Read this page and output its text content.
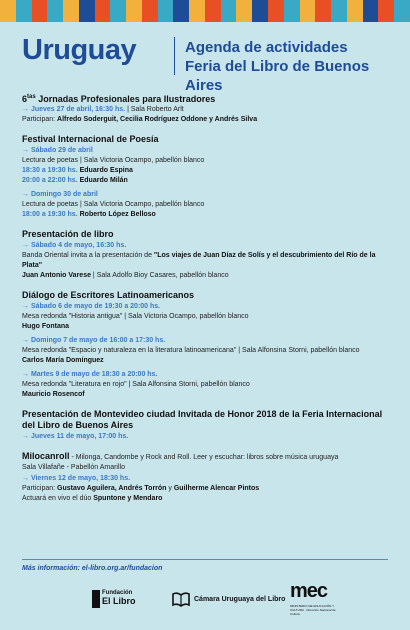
Uruguay	Agenda de actividades
Feria del Libro de Buenos Aires
$6^{tas}$ Jornadas Profesionales para Ilustradores
→ Jueves 27 de abril, 16:30 hs. | Sala Roberto Arlt
Participan: Alfredo Soderguit, Cecilia Rodríguez Oddone y Andrés Silva
Festival Internacional de Poesía
→ Sábado 29 de abril
Lectura de poetas | Sala Victoria Ocampo, pabellón blanco
18:30 a 19:30 hs. Eduardo Espina
20:00 a 22:00 hs. Eduardo Milán
→ Domingo 30 de abril
Lectura de poetas | Sala Victoria Ocampo, pabellón blanco
18:00 a 19:30 hs. Roberto López Belloso
Presentación de libro
→ Sábado 4 de mayo, 16:30 hs.
Banda Oriental invita a la presentación de "Los viajes de Juan Díaz de Solís y el descubrimiento del Río de la Plata"
Juan Antonio Varese | Sala Adolfo Bioy Casares, pabellón blanco
Diálogo de Escritores Latinoamericanos
→ Sábado 6 de mayo de 19:30 a 20:00 hs.
Mesa redonda "Historia antigua" | Sala Victoria Ocampo, pabellón blanco
Hugo Fontana
→ Domingo 7 de mayo de 16:00 a 17:30 hs.
Mesa redonda "Espacio y naturaleza en la literatura latinoamericana" | Sala Alfonsina Storni, pabellón blanco
Carlos María Domínguez
→ Martes 9 de mayo de 18:30 a 20:00 hs.
Mesa redonda "Literatura en rojo" | Sala Alfonsina Storni, pabellón blanco
Mauricio Rosencof
Presentación de Montevideo ciudad Invitada de Honor 2018 de la Feria Internacional del Libro de Buenos Aires
→ Jueves 11 de mayo, 17:00 hs.
Milocanroll - Milonga, Candombe y Rock and Roll. Leer y escuchar: libros sobre música uruguaya
Sala Villafañe - Pabellón Amarillo
→ Viernes 12 de mayo, 18:30 hs.
Participan: Gustavo Aguilera, Andrés Torrón y Guilherme Alencar Pintos
Actuará en vivo el dúo Spuntone y Mendaro
Más información: el-libro.org.ar/fundacion
Fundación
El Libro	Cámara Uruguaya del Libro mec
MINISTERIO DE EDUCACIÓN Y CULTURA · Dirección Nacional de Cultura
